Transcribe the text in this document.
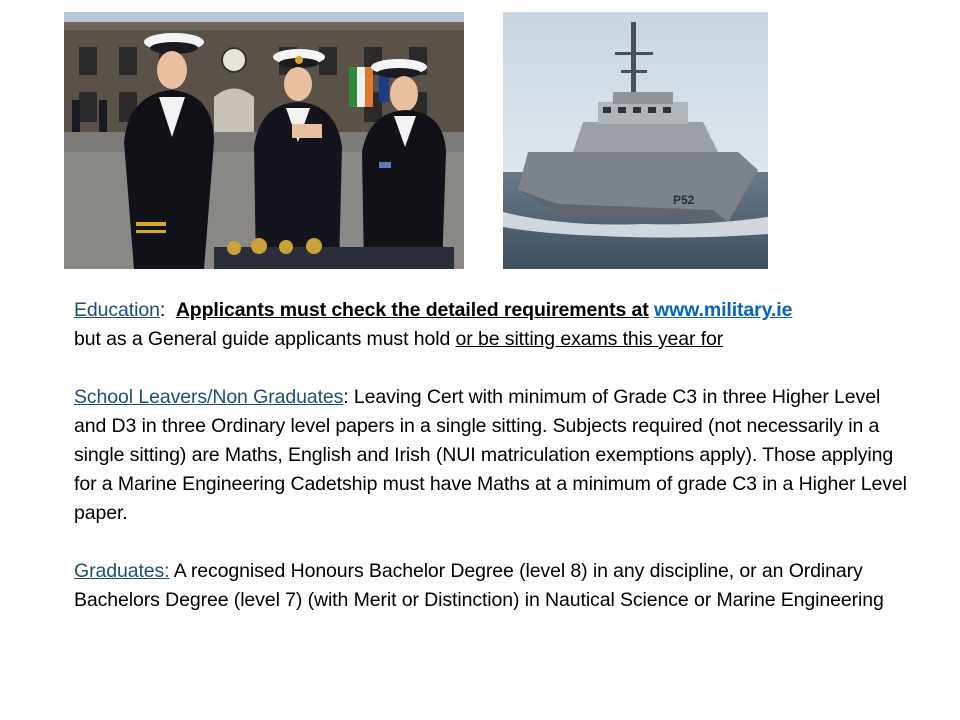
P52

Education: Applicants must check the detailed requirements at www.military.ie
but as a General guide applicants must hold or be sitting exams this year for

School Leavers/Non Graduates: Leaving Cert with minimum of Grade C3 in three Higher Level and D3 in three Ordinary level papers in a single sitting. Subjects required (not necessarily in a single sitting) are Maths, English and Irish (NUI matriculation exemptions apply). Those applying for a Marine Engineering Cadetship must have Maths at a minimum of grade C3 in a Higher Level paper.

Graduates: A recognised Honours Bachelor Degree (level 8) in any discipline, or an Ordinary Bachelors Degree (level 7) (with Merit or Distinction) in Nautical Science or Marine Engineering
